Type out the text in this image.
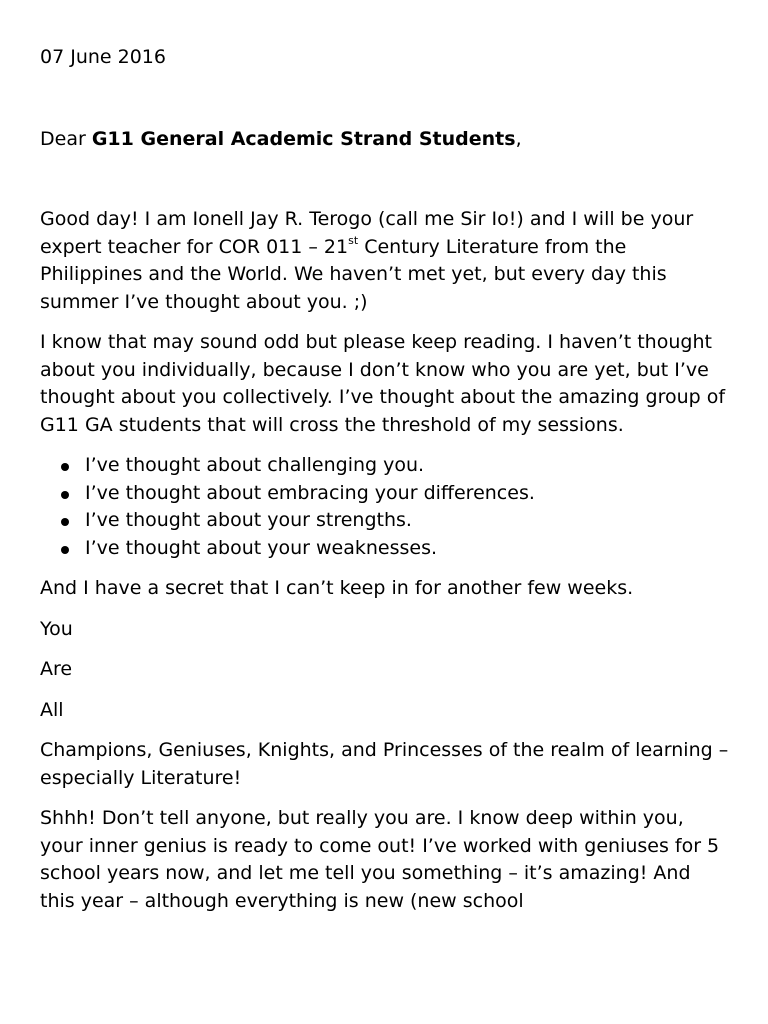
07 June 2016
Dear G11 General Academic Strand Students,

Good day! I am Ionell Jay R. Terogo (call me Sir Io!) and I will be your expert teacher for COR 011 – 21st Century Literature from the Philippines and the World. We haven’t met yet, but every day this summer I’ve thought about you. ;)

I know that may sound odd but please keep reading. I haven’t thought about you individually, because I don’t know who you are yet, but I’ve thought about you collectively. I’ve thought about the amazing group of G11 GA students that will cross the threshold of my sessions.

I’ve thought about challenging you.
I’ve thought about embracing your differences.
I’ve thought about your strengths.
I’ve thought about your weaknesses.

And I have a secret that I can’t keep in for another few weeks.

You

Are

All

Champions, Geniuses, Knights, and Princesses of the realm of learning – especially Literature!

Shhh! Don’t tell anyone, but really you are. I know deep within you, your inner genius is ready to come out! I’ve worked with geniuses for 5 school years now, and let me tell you something – it’s amazing! And this year – although everything is new (new school
